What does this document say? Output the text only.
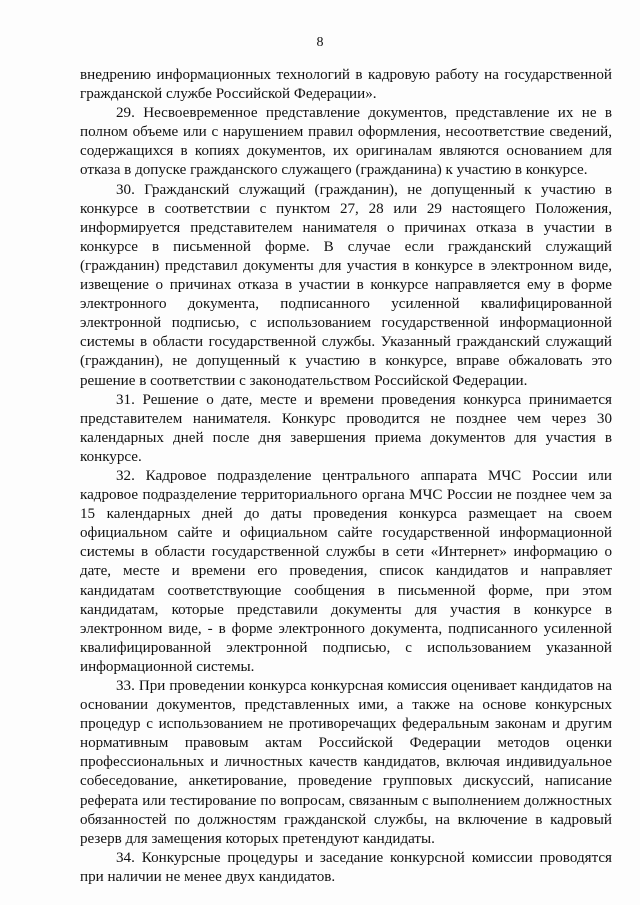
8

внедрению информационных технологий в кадровую работу на государственной гражданской службе Российской Федерации».

29. Несвоевременное представление документов, представление их не в полном объеме или с нарушением правил оформления, несоответствие сведений, содержащихся в копиях документов, их оригиналам являются основанием для отказа в допуске гражданского служащего (гражданина) к участию в конкурсе.

30. Гражданский служащий (гражданин), не допущенный к участию в конкурсе в соответствии с пунктом 27, 28 или 29 настоящего Положения, информируется представителем нанимателя о причинах отказа в участии в конкурсе в письменной форме. В случае если гражданский служащий (гражданин) представил документы для участия в конкурсе в электронном виде, извещение о причинах отказа в участии в конкурсе направляется ему в форме электронного документа, подписанного усиленной квалифицированной электронной подписью, с использованием государственной информационной системы в области государственной службы. Указанный гражданский служащий (гражданин), не допущенный к участию в конкурсе, вправе обжаловать это решение в соответствии с законодательством Российской Федерации.

31. Решение о дате, месте и времени проведения конкурса принимается представителем нанимателя. Конкурс проводится не позднее чем через 30 календарных дней после дня завершения приема документов для участия в конкурсе.

32. Кадровое подразделение центрального аппарата МЧС России или кадровое подразделение территориального органа МЧС России не позднее чем за 15 календарных дней до даты проведения конкурса размещает на своем официальном сайте и официальном сайте государственной информационной системы в области государственной службы в сети «Интернет» информацию о дате, месте и времени его проведения, список кандидатов и направляет кандидатам соответствующие сообщения в письменной форме, при этом кандидатам, которые представили документы для участия в конкурсе в электронном виде, - в форме электронного документа, подписанного усиленной квалифицированной электронной подписью, с использованием указанной информационной системы.

33. При проведении конкурса конкурсная комиссия оценивает кандидатов на основании документов, представленных ими, а также на основе конкурсных процедур с использованием не противоречащих федеральным законам и другим нормативным правовым актам Российской Федерации методов оценки профессиональных и личностных качеств кандидатов, включая индивидуальное собеседование, анкетирование, проведение групповых дискуссий, написание реферата или тестирование по вопросам, связанным с выполнением должностных обязанностей по должностям гражданской службы, на включение в кадровый резерв для замещения которых претендуют кандидаты.

34. Конкурсные процедуры и заседание конкурсной комиссии проводятся при наличии не менее двух кандидатов.
